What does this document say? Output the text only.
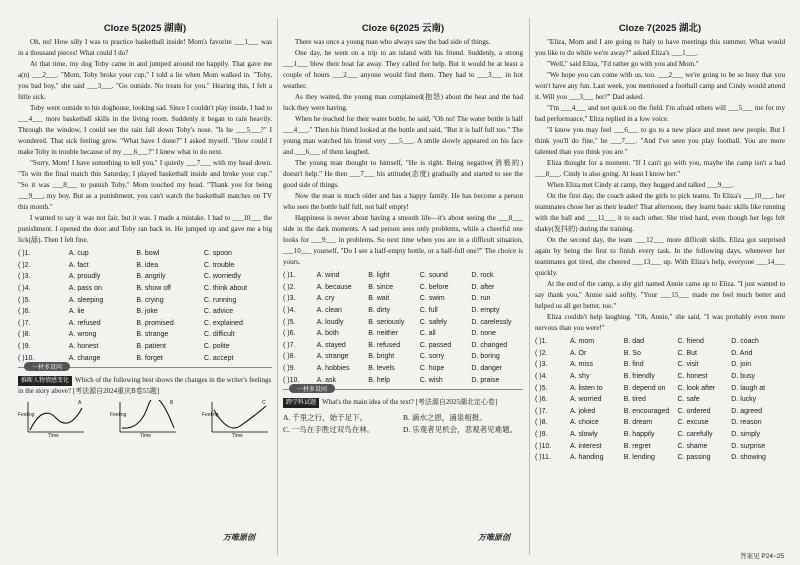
Cloze 5(2025 湖南)

Oh, no! How silly I was to practice basketball inside! Mom's favorite ___1___ was in a thousand pieces! What could I do?

At that time, my dog Toby came in and jumped around me happily. That gave me a(n) ___2___. "Mom, Toby broke your cup," I told a lie when Mom walked in. "Toby, you bad boy," she said ___3___. "Go outside. No treats for you." Hearing this, I felt a little sick.

Toby went outside to his doghouse, looking sad. Since I couldn't play inside, I had to ___4___ more basketball skills in the living room. Suddenly it began to rain heavily. Through the window, I could see the rain fall down Toby's nose. "Is he ___5___?" I wondered. That sick feeling grew. "What have I done?" I asked myself. "How could I make Toby in trouble because of my ___6___?" I knew what to do next.

"Sorry, Mom! I have something to tell you," I quietly ___7___ with my head down. "To win the final match this Saturday, I played basketball inside and broke your cup." "So it was ___8___ to punish Toby," Mom touched my head. "Thank you for being ___9___, my boy. But as a punishment, you can't watch the basketball matches on TV this month."

I wanted to say it was not fair, but it was. I made a mistake. I had to ___10___ the punishment. I opened the door and Toby ran back in. He jumped up and gave me a big lick(舔). Then I felt fine.

( )1.	A. cup	B. bowl	C. spoon
( )2.	A. fact	B. idea	C. trouble
( )3.	A. proudly	B. angrily	C. worriedly
( )4.	A. pass on	B. show off	C. think about
( )5.	A. sleeping	B. crying	C. running
( )6.	A. lie	B. joke	C. advice
( )7.	A. refused	B. promised	C. explained
( )8.	A. wrong	B. strange	C. difficult
( )9.	A. honest	B. patient	C. polite
( )10.	A. change	B. forget	C. accept
一材多设问
推断人物情感变化 Which of the following best shows the changes in the writer's feelings in the story above? [考法源自2024重庆B卷55题]
Feeling
Time
A
Feeling
Time
B
Feeling
Time
C
万唯原创
Cloze 6(2025 云南)

There was once a young man who always saw the bad side of things.

One day, he went on a trip to an island with his friend. Suddenly, a strong ___1___ blew their boat far away. They called for help. But it would be at least a couple of hours ___2___ anyone would find them. They had to ___3___ in hot weather.

As they waited, the young man complained(抱怨) about the heat and the bad luck they were having.

When he reached for their water bottle, he said, "Oh no! The water bottle is half ___4___." Then his friend looked at the bottle and said, "But it is half full too." The young man watched his friend very ___5___. A smile slowly appeared on his face and ___6___ of them laughed.

The young man thought to himself, "He is right. Being negative(消极的) doesn't help." He then ___7___ his attitude(态度) gradually and started to see the good side of things.

Now the man is much older and has a happy family. He has become a person who sees the bottle half full, not half empty!

Happiness is never about having a smooth life—it's about seeing the ___8___ side in the dark moments. A sad person sees only problems, while a cheerful one looks for ___9___ in problems. So next time when you are in a difficult situation, ___10___ yourself, "Do I see a half-empty bottle, or a half-full one?" The choice is yours.

( )1.	A. wind	B. light	C. sound	D. rock
( )2.	A. because	B. since	C. before	D. after
( )3.	A. cry	B. wait	C. swim	D. run
( )4.	A. clean	B. dirty	C. full	D. empty
( )5.	A. loudly	B. seriously	C. safely	D. carelessly
( )6.	A. both	B. neither	C. all	D. none
( )7.	A. stayed	B. refused	C. passed	D. changed
( )8.	A. strange	B. bright	C. sorry	D. boring
( )9.	A. hobbies	B. levels	C. hope	D. danger
( )10.	A. ask	B. help	C. wish	D. praise
一材多设问
跨学科试题 What's the main idea of the text? [考法源自2025湖北定心卷]
A. 千里之行，始于足下。	B. 滴水之恩，涌泉相报。
C. 一鸟在手胜过双鸟在林。	D. 乐观者见机会，悲观者见难题。
万唯原创
Cloze 7(2025 湖北)

"Eliza, Mom and I are going to Italy to have meetings this summer. What would you like to do while we're away?" asked Eliza's ___1___.

"Well," said Eliza, "I'd rather go with you and Mom."

"We hope you can come with us, too. ___2___ we're going to be so busy that you won't have any fun. Last week, you mentioned a football camp and Cindy would attend it. Will you ___3___ her?" Dad asked.

"I'm ___4___ and not quick on the field. I'm afraid others will ___5___ me for my bad performance," Eliza replied in a low voice.

"I know you may feel ___6___ to go to a new place and meet new people. But I think you'll do fine," he ___7___. "And I've seen you play football. You are more talented than you think you are."

Eliza thought for a moment. "If I can't go with you, maybe the camp isn't a bad ___8___. Cindy is also going. At least I know her."

When Eliza met Cindy at camp, they hugged and talked ___9___.

On the first day, the coach asked the girls to pick teams. To Eliza's ___10___, her teammates chose her as their leader! That afternoon, they learnt basic skills like running with the ball and ___11___ it to each other. She tried hard, even though her legs felt shaky(发抖的) during the training.

On the second day, the team ___12___ more difficult skills. Eliza got surprised again by being the first to finish every task. In the following days, whenever her teammates got tired, she cheered ___13___ up. With Eliza's help, everyone ___14___ quickly.

At the end of the camp, a shy girl named Annie came up to Eliza. "I just wanted to say thank you," Annie said softly. "Your ___15___ made me feel much better and helped us all get better, too."

Eliza couldn't help laughing. "Oh, Annie," she said, "I was probably even more nervous than you were!"

( )1.	A. mom	B. dad	C. friend	D. coach
( )2.	A. Or	B. So	C. But	D. And
( )3.	A. miss	B. find	C. visit	D. join
( )4.	A. shy	B. friendly	C. honest	D. busy
( )5.	A. listen to	B. depend on	C. look after	D. laugh at
( )6.	A. worried	B. tired	C. safe	D. lucky
( )7.	A. joked	B. encouraged	C. ordered	D. agreed
( )8.	A. choice	B. dream	C. excuse	D. reason
( )9.	A. slowly	B. happily	C. carefully	D. simply
( )10.	A. interest	B. regret	C. shame	D. surprise
( )11.	A. handing	B. lending	C. passing	D. showing
答案见 P24~25
